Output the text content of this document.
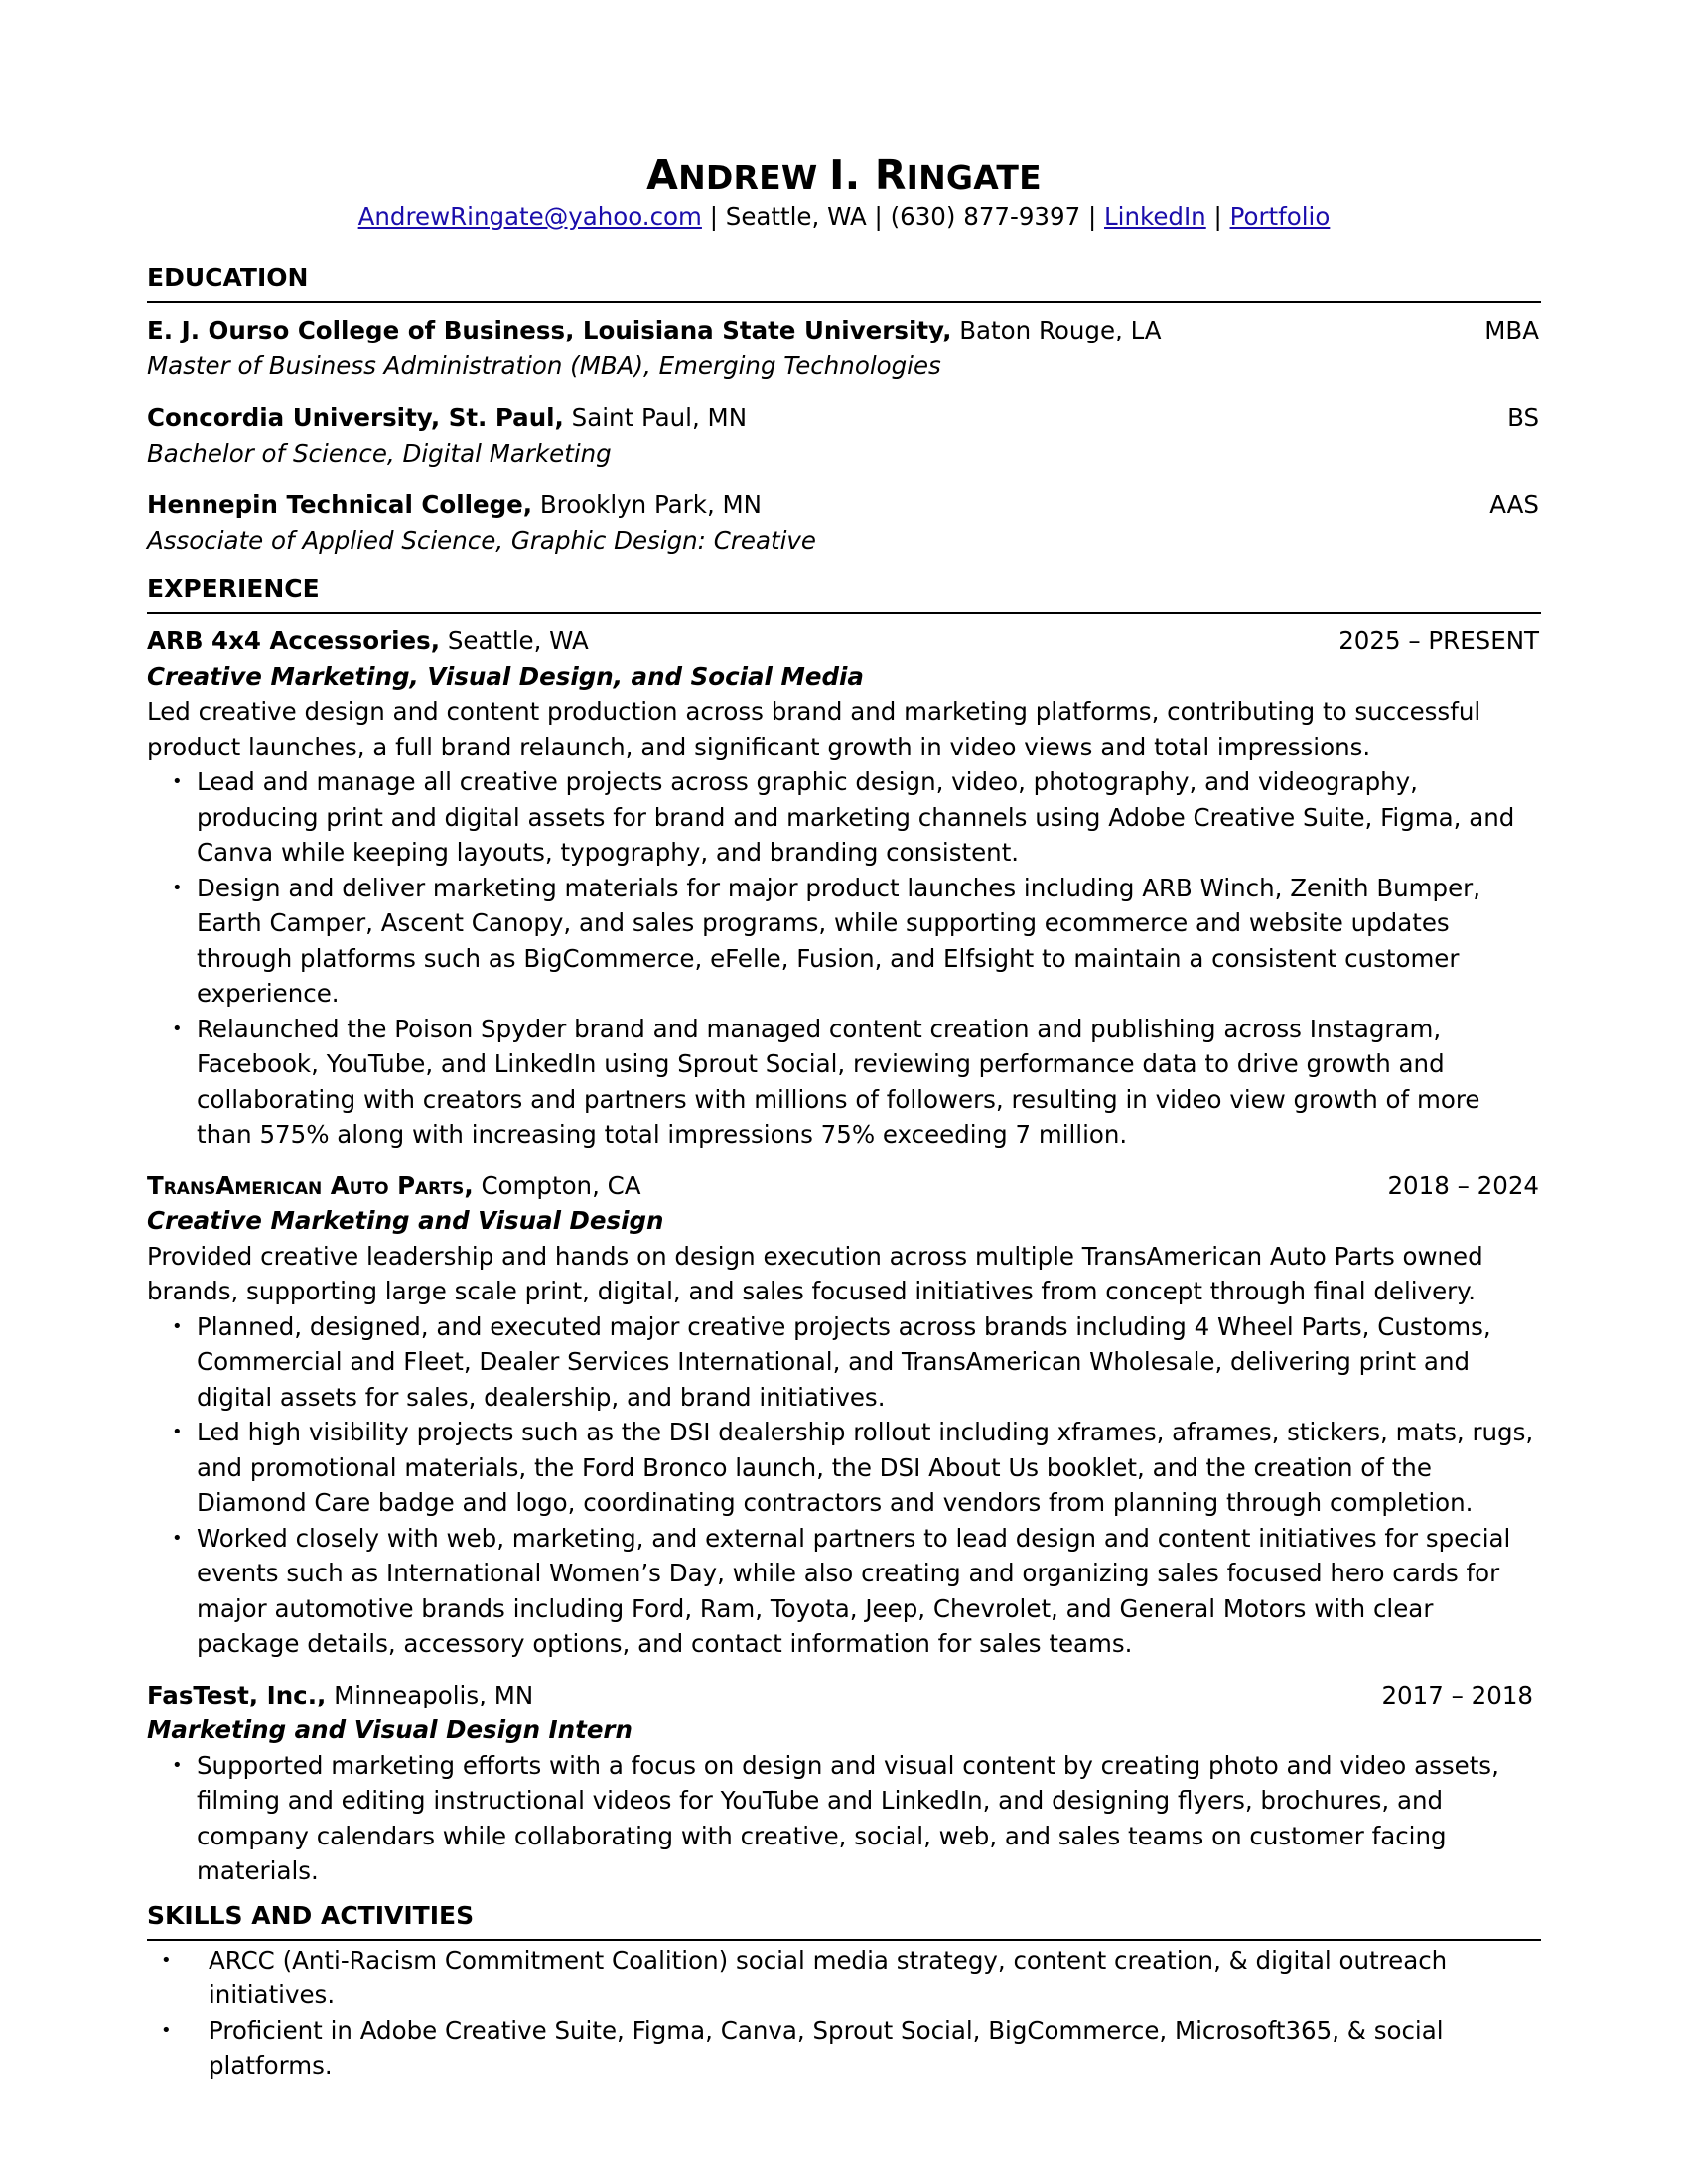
ANDREW I. RINGATE
AndrewRingate@yahoo.com | Seattle, WA | (630) 877-9397 | LinkedIn | Portfolio
EDUCATION
E. J. Ourso College of Business, Louisiana State University, Baton Rouge, LA	MBA
Master of Business Administration (MBA), Emerging Technologies
Concordia University, St. Paul, Saint Paul, MN	BS
Bachelor of Science, Digital Marketing
Hennepin Technical College, Brooklyn Park, MN	AAS
Associate of Applied Science, Graphic Design: Creative
EXPERIENCE
ARB 4x4 Accessories, Seattle, WA	2025 – PRESENT
Creative Marketing, Visual Design, and Social Media
Led creative design and content production across brand and marketing platforms, contributing to successful product launches, a full brand relaunch, and significant growth in video views and total impressions.
• Lead and manage all creative projects across graphic design, video, photography, and videography, producing print and digital assets for brand and marketing channels using Adobe Creative Suite, Figma, and Canva while keeping layouts, typography, and branding consistent.
• Design and deliver marketing materials for major product launches including ARB Winch, Zenith Bumper, Earth Camper, Ascent Canopy, and sales programs, while supporting ecommerce and website updates through platforms such as BigCommerce, eFelle, Fusion, and Elfsight to maintain a consistent customer experience.
• Relaunched the Poison Spyder brand and managed content creation and publishing across Instagram, Facebook, YouTube, and LinkedIn using Sprout Social, reviewing performance data to drive growth and collaborating with creators and partners with millions of followers, resulting in video view growth of more than 575% along with increasing total impressions 75% exceeding 7 million.
TransAmerican Auto Parts, Compton, CA	2018 – 2024
Creative Marketing and Visual Design
Provided creative leadership and hands on design execution across multiple TransAmerican Auto Parts owned brands, supporting large scale print, digital, and sales focused initiatives from concept through final delivery.
• Planned, designed, and executed major creative projects across brands including 4 Wheel Parts, Customs, Commercial and Fleet, Dealer Services International, and TransAmerican Wholesale, delivering print and digital assets for sales, dealership, and brand initiatives.
• Led high visibility projects such as the DSI dealership rollout including xframes, aframes, stickers, mats, rugs, and promotional materials, the Ford Bronco launch, the DSI About Us booklet, and the creation of the Diamond Care badge and logo, coordinating contractors and vendors from planning through completion.
• Worked closely with web, marketing, and external partners to lead design and content initiatives for special events such as International Women’s Day, while also creating and organizing sales focused hero cards for major automotive brands including Ford, Ram, Toyota, Jeep, Chevrolet, and General Motors with clear package details, accessory options, and contact information for sales teams.
FasTest, Inc., Minneapolis, MN	2017 – 2018
Marketing and Visual Design Intern
• Supported marketing efforts with a focus on design and visual content by creating photo and video assets, filming and editing instructional videos for YouTube and LinkedIn, and designing flyers, brochures, and company calendars while collaborating with creative, social, web, and sales teams on customer facing materials.
SKILLS AND ACTIVITIES
• ARCC (Anti-Racism Commitment Coalition) social media strategy, content creation, & digital outreach initiatives.
• Proficient in Adobe Creative Suite, Figma, Canva, Sprout Social, BigCommerce, Microsoft365, & social platforms.
